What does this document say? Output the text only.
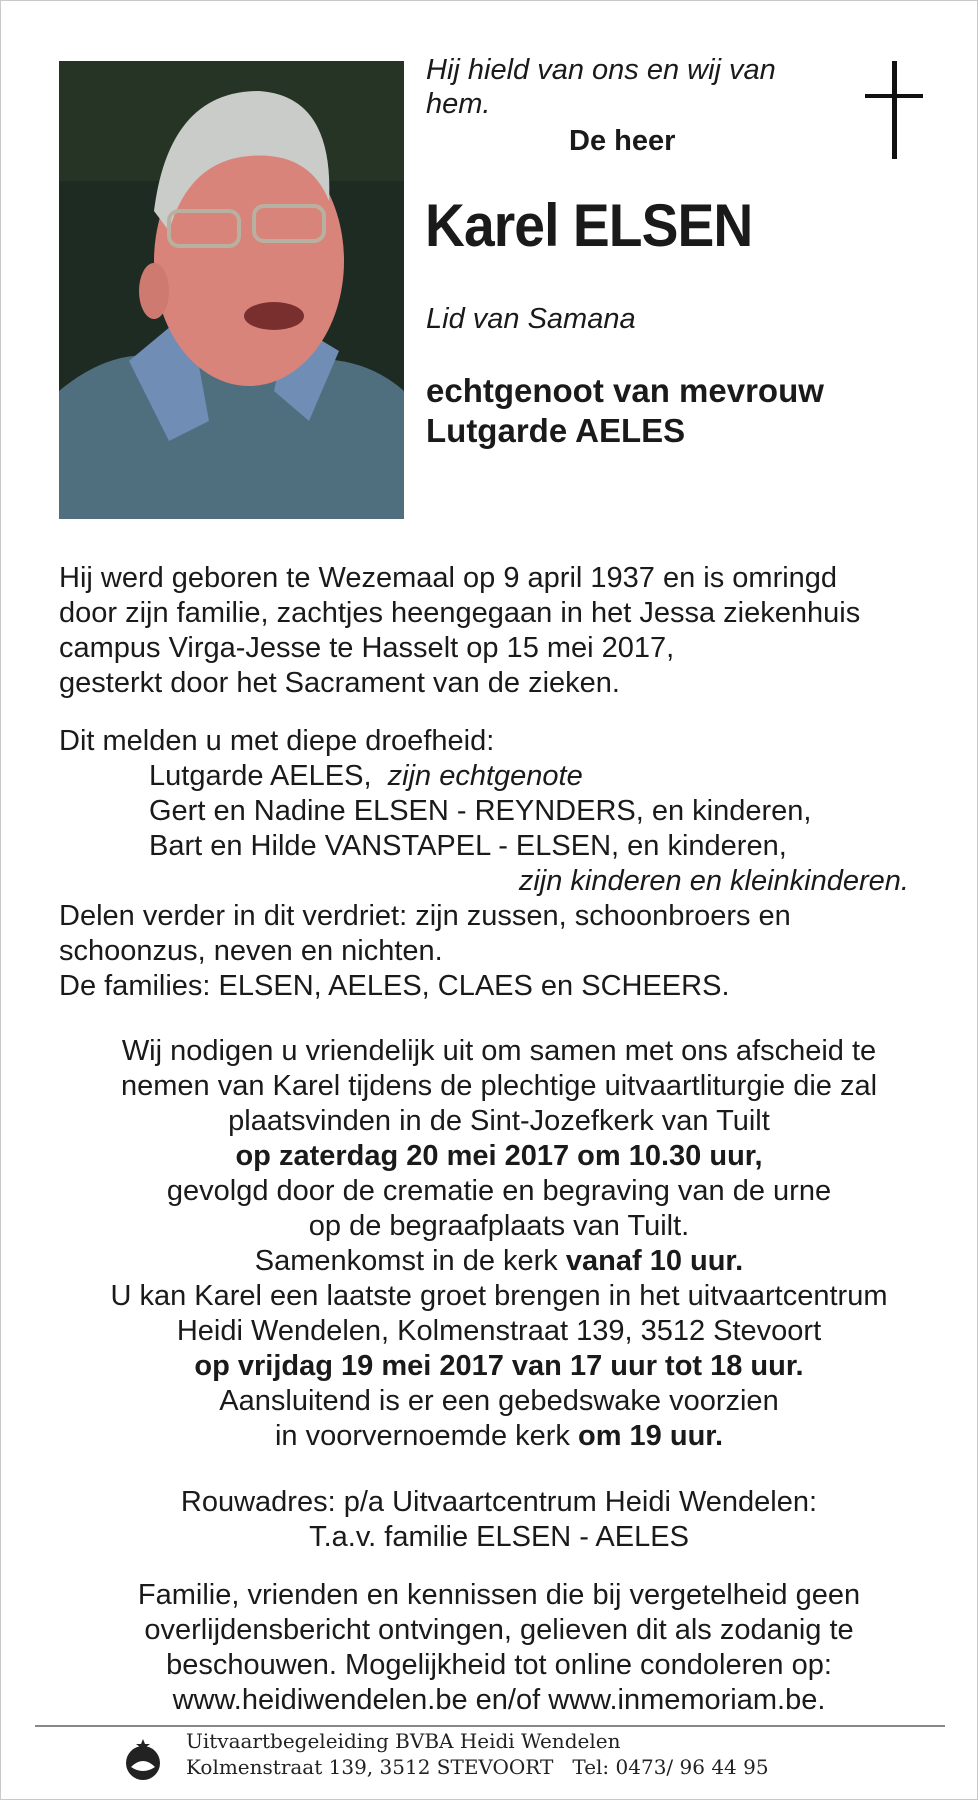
Hij hield van ons en wij van hem.
De heer
Karel ELSEN
Lid van Samana
echtgenoot van mevrouw
Lutgarde AELES
Hij werd geboren te Wezemaal op 9 april 1937 en is omringd
door zijn familie, zachtjes heengegaan in het Jessa ziekenhuis
campus Virga-Jesse te Hasselt op 15 mei 2017,
gesterkt door het Sacrament van de zieken.
Dit melden u met diepe droefheid:
Lutgarde AELES, zijn echtgenote
Gert en Nadine ELSEN - REYNDERS, en kinderen,
Bart en Hilde VANSTAPEL - ELSEN, en kinderen,
zijn kinderen en kleinkinderen.
Delen verder in dit verdriet: zijn zussen, schoonbroers en
schoonzus, neven en nichten.
De families: ELSEN, AELES, CLAES en SCHEERS.
Wij nodigen u vriendelijk uit om samen met ons afscheid te
nemen van Karel tijdens de plechtige uitvaartliturgie die zal
plaatsvinden in de Sint-Jozefkerk van Tuilt
op zaterdag 20 mei 2017 om 10.30 uur,
gevolgd door de crematie en begraving van de urne
op de begraafplaats van Tuilt.
Samenkomst in de kerk vanaf 10 uur.
U kan Karel een laatste groet brengen in het uitvaartcentrum
Heidi Wendelen, Kolmenstraat 139, 3512 Stevoort
op vrijdag 19 mei 2017 van 17 uur tot 18 uur.
Aansluitend is er een gebedswake voorzien
in voorvernoemde kerk om 19 uur.
Rouwadres: p/a Uitvaartcentrum Heidi Wendelen:
T.a.v. familie ELSEN - AELES
Familie, vrienden en kennissen die bij vergetelheid geen
overlijdensbericht ontvingen, gelieven dit als zodanig te
beschouwen. Mogelijkheid tot online condoleren op:
www.heidiwendelen.be en/of www.inmemoriam.be.
Uitvaartbegeleiding BVBA Heidi Wendelen
Kolmenstraat 139, 3512 STEVOORT   Tel: 0473/ 96 44 95
